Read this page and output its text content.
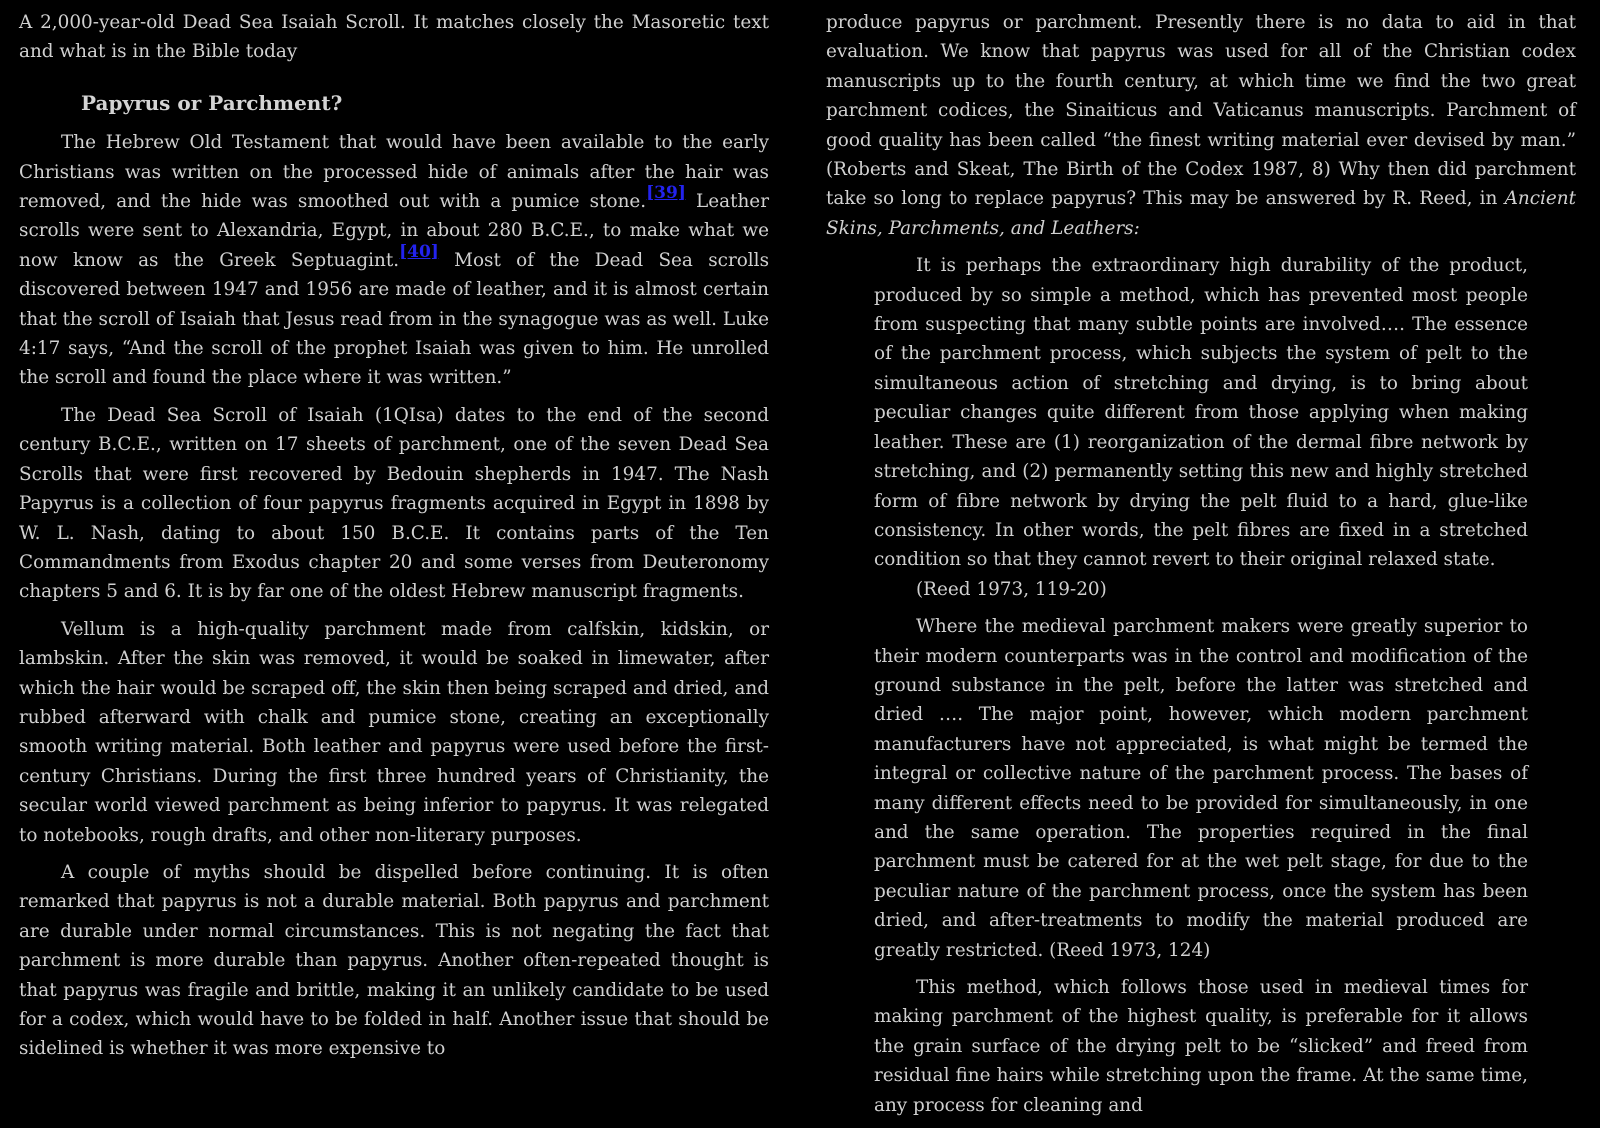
A 2,000-year-old Dead Sea Isaiah Scroll. It matches closely the Masoretic text and what is in the Bible today

Papyrus or Parchment?

The Hebrew Old Testament that would have been available to the early Christians was written on the processed hide of animals after the hair was removed, and the hide was smoothed out with a pumice stone.[39] Leather scrolls were sent to Alexandria, Egypt, in about 280 B.C.E., to make what we now know as the Greek Septuagint.[40] Most of the Dead Sea scrolls discovered between 1947 and 1956 are made of leather, and it is almost certain that the scroll of Isaiah that Jesus read from in the synagogue was as well. Luke 4:17 says, “And the scroll of the prophet Isaiah was given to him. He unrolled the scroll and found the place where it was written.”

The Dead Sea Scroll of Isaiah (1QIsa) dates to the end of the second century B.C.E., written on 17 sheets of parchment, one of the seven Dead Sea Scrolls that were first recovered by Bedouin shepherds in 1947. The Nash Papyrus is a collection of four papyrus fragments acquired in Egypt in 1898 by W. L. Nash, dating to about 150 B.C.E. It contains parts of the Ten Commandments from Exodus chapter 20 and some verses from Deuteronomy chapters 5 and 6. It is by far one of the oldest Hebrew manuscript fragments.

Vellum is a high-quality parchment made from calfskin, kidskin, or lambskin. After the skin was removed, it would be soaked in limewater, after which the hair would be scraped off, the skin then being scraped and dried, and rubbed afterward with chalk and pumice stone, creating an exceptionally smooth writing material. Both leather and papyrus were used before the first-century Christians. During the first three hundred years of Christianity, the secular world viewed parchment as being inferior to papyrus. It was relegated to notebooks, rough drafts, and other non-literary purposes.

A couple of myths should be dispelled before continuing. It is often remarked that papyrus is not a durable material. Both papyrus and parchment are durable under normal circumstances. This is not negating the fact that parchment is more durable than papyrus. Another often-repeated thought is that papyrus was fragile and brittle, making it an unlikely candidate to be used for a codex, which would have to be folded in half. Another issue that should be sidelined is whether it was more expensive to

produce papyrus or parchment. Presently there is no data to aid in that evaluation. We know that papyrus was used for all of the Christian codex manuscripts up to the fourth century, at which time we find the two great parchment codices, the Sinaiticus and Vaticanus manuscripts. Parchment of good quality has been called “the finest writing material ever devised by man.” (Roberts and Skeat, The Birth of the Codex 1987, 8) Why then did parchment take so long to replace papyrus? This may be answered by R. Reed, in Ancient Skins, Parchments, and Leathers:

It is perhaps the extraordinary high durability of the product, produced by so simple a method, which has prevented most people from suspecting that many subtle points are involved…. The essence of the parchment process, which subjects the system of pelt to the simultaneous action of stretching and drying, is to bring about peculiar changes quite different from those applying when making leather. These are (1) reorganization of the dermal fibre network by stretching, and (2) permanently setting this new and highly stretched form of fibre network by drying the pelt fluid to a hard, glue-like consistency. In other words, the pelt fibres are fixed in a stretched condition so that they cannot revert to their original relaxed state.
(Reed 1973, 119-20)

Where the medieval parchment makers were greatly superior to their modern counterparts was in the control and modification of the ground substance in the pelt, before the latter was stretched and dried …. The major point, however, which modern parchment manufacturers have not appreciated, is what might be termed the integral or collective nature of the parchment process. The bases of many different effects need to be provided for simultaneously, in one and the same operation. The properties required in the final parchment must be catered for at the wet pelt stage, for due to the peculiar nature of the parchment process, once the system has been dried, and after-treatments to modify the material produced are greatly restricted. (Reed 1973, 124)

This method, which follows those used in medieval times for making parchment of the highest quality, is preferable for it allows the grain surface of the drying pelt to be “slicked” and freed from residual fine hairs while stretching upon the frame. At the same time, any process for cleaning and
